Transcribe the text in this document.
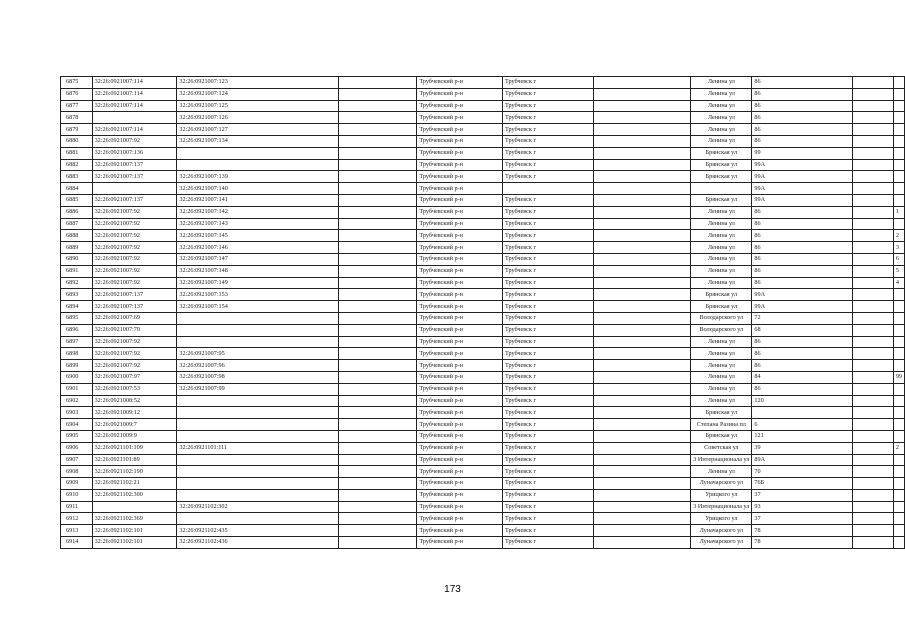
6875	32:26:0921007:114	32:26:0921007:123		Трубчевский р-н	Трубчевск г		Ленина ул	86		
6876	32:26:0921007:114	32:26:0921007:124		Трубчевский р-н	Трубчевск г		Ленина ул	86		
6877	32:26:0921007:114	32:26:0921007:125		Трубчевский р-н	Трубчевск г		Ленина ул	86		
6878		32:26:0921007:126		Трубчевский р-н	Трубчевск г		Ленина ул	86		
6879	32:26:0921007:114	32:26:0921007:127		Трубчевский р-н	Трубчевск г		Ленина ул	86		
6880	32:26:0921007:92	32:26:0921007:134		Трубчевский р-н	Трубчевск г		Ленина ул	86		
6881	32:26:0921007:136			Трубчевский р-н	Трубчевск г		Брянская ул	99		
6882	32:26:0921007:137			Трубчевский р-н	Трубчевск г		Брянская ул	99А		
6883	32:26:0921007:137	32:26:0921007:139		Трубчевский р-н	Трубчевск г		Брянская ул	99А		
6884		32:26:0921007:140		Трубчевский р-н				99А		
6885	32:26:0921007:137	32:26:0921007:141		Трубчевский р-н	Трубчевск г		Брянская ул	99А		
6886	32:26:0921007:92	32:26:0921007:142		Трубчевский р-н	Трубчевск г		Ленина ул	86		1
6887	32:26:0921007:92	32:26:0921007:143		Трубчевский р-н	Трубчевск г		Ленина ул	86		
6888	32:26:0921007:92	32:26:0921007:145		Трубчевский р-н	Трубчевск г		Ленина ул	86		2
6889	32:26:0921007:92	32:26:0921007:146		Трубчевский р-н	Трубчевск г		Ленина ул	86		3
6890	32:26:0921007:92	32:26:0921007:147		Трубчевский р-н	Трубчевск г		Ленина ул	86		6
6891	32:26:0921007:92	32:26:0921007:148		Трубчевский р-н	Трубчевск г		Ленина ул	86		5
6892	32:26:0921007:92	32:26:0921007:149		Трубчевский р-н	Трубчевск г		Ленина ул	86		4
6893	32:26:0921007:137	32:26:0921007:153		Трубчевский р-н	Трубчевск г		Брянская ул	99А		
6894	32:26:0921007:137	32:26:0921007:154		Трубчевский р-н	Трубчевск г		Брянская ул	99А		
6895	32:26:0921007:69			Трубчевский р-н	Трубчевск г		Володарского ул	72		
6896	32:26:0921007:70			Трубчевский р-н	Трубчевск г		Володарского ул	68		
6897	32:26:0921007:92			Трубчевский р-н	Трубчевск г		Ленина ул	86		
6898	32:26:0921007:92	32:26:0921007:95		Трубчевский р-н	Трубчевск г		Ленина ул	86		
6899	32:26:0921007:92	32:26:0921007:96		Трубчевский р-н	Трубчевск г		Ленина ул	86		
6900	32:26:0921007:97	32:26:0921007:98		Трубчевский р-н	Трубчевск г		Ленина ул	84		99
6901	32:26:0921007:53	32:26:0921007:99		Трубчевский р-н	Трубчевск г		Ленина ул	86		
6902	32:26:0921008:52			Трубчевский р-н	Трубчевск г		Ленина ул	120		
6903	32:26:0921009:12			Трубчевский р-н	Трубчевск г		Брянская ул			
6904	32:26:0921009:7			Трубчевский р-н	Трубчевск г		Степана Разина пл	6		
6905	32:26:0921009:9			Трубчевский р-н	Трубчевск г		Брянская ул	121		
6906	32:26:0921101:109	32:26:0921101:111		Трубчевский р-н	Трубчевск г		Советская ул	39		2
6907	32:26:0921101:89			Трубчевский р-н	Трубчевск г		3 Интернационала ул	89А		
6908	32:26:0921102:190			Трубчевский р-н	Трубчевск г		Ленина ул	70		
6909	32:26:0921102:21			Трубчевский р-н	Трубчевск г		Луначарского ул	76Б		
6910	32:26:0921102:300			Трубчевский р-н	Трубчевск г		Урицкого ул	37		
6911		32:26:0921102:302		Трубчевский р-н	Трубчевск г		3 Интернационала ул	93		
6912	32:26:0921102:369			Трубчевский р-н	Трубчевск г		Урицкого ул	37		
6913	32:26:0921102:101	32:26:0921102:435		Трубчевский р-н	Трубчевск г		Луначарского ул	78		
6914	32:26:0921102:101	32:26:0921102:436		Трубчевский р-н	Трубчевск г		Луначарского ул	78		
173
